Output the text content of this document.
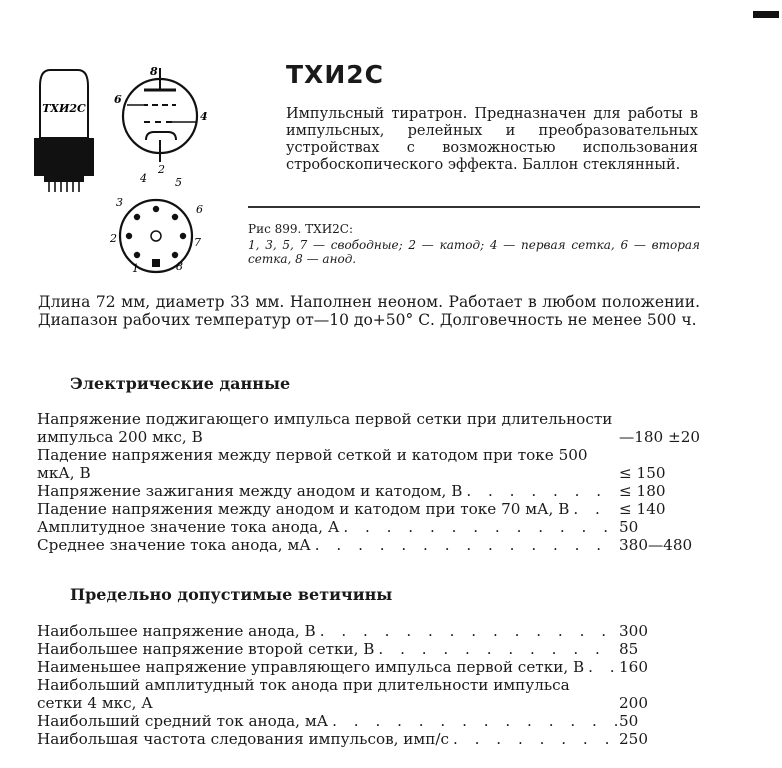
ТХИ2С
8
6
4
2
4	5
3
6
2	7
1	8
ТХИ2С
Импульсный тиратрон. Предназначен для работы в импульсных, релейных и преобразовательных устройствах с возможностью использования стробоскопического эффекта. Баллон стеклянный.
Рис 899. ТХИ2С:
1, 3, 5, 7 — свободные; 2 — катод; 4 — первая сетка, 6 — вторая сетка, 8 — анод.
Длина 72 мм, диаметр 33 мм. Наполнен неоном. Работает в любом положении. Диапазон рабочих температур от—10 до+50° С. Долговечность не менее 500 ч.
Электрические данные
Напряжение поджигающего импульса первой сетки при длительности импульса 200 мкс, В	—180 ±20
Падение напряжения между первой сеткой и катодом при токе 500 мкА, В	≤ 150
Напряжение зажигания между анодом и катодом, В . . .	≤ 180
Падение напряжения между анодом и катодом при токе 70 мА, В . . .	≤ 140
Амплитудное значение тока анода, А . . .	50
Среднее значение тока анода, мА . . .	380—480
Предельно допустимые ветичины
Наибольшее напряжение анода, В . . .	300
Наибольшее напряжение второй сетки, В . . .	85
Наименьшее напряжение управляющего импульса первой сетки, В . . . 160
Наибольший амплитудный ток анода при длительности импульса сетки 4 мкс, А	200
Наибольший средний ток анода, мА . . .	50
Наибольшая частота следования импульсов, имп/с . . .	250
